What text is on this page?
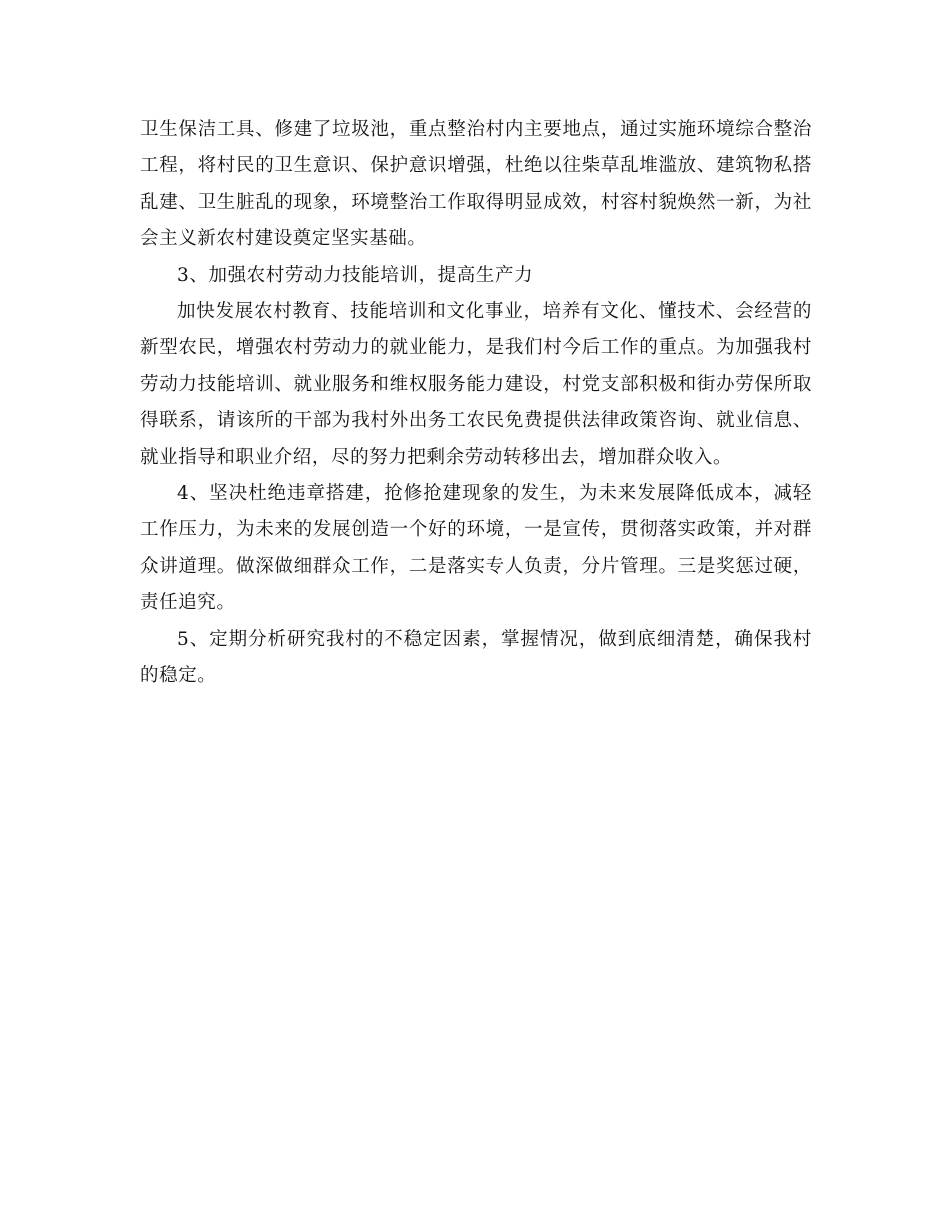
卫生保洁工具、修建了垃圾池，重点整治村内主要地点，通过实施环境综合整治工程，将村民的卫生意识、保护意识增强，杜绝以往柴草乱堆滥放、建筑物私搭乱建、卫生脏乱的现象，环境整治工作取得明显成效，村容村貌焕然一新，为社会主义新农村建设奠定坚实基础。

3、加强农村劳动力技能培训，提高生产力

加快发展农村教育、技能培训和文化事业，培养有文化、懂技术、会经营的新型农民，增强农村劳动力的就业能力，是我们村今后工作的重点。为加强我村劳动力技能培训、就业服务和维权服务能力建设，村党支部积极和街办劳保所取得联系，请该所的干部为我村外出务工农民免费提供法律政策咨询、就业信息、就业指导和职业介绍，尽的努力把剩余劳动转移出去，增加群众收入。

4、坚决杜绝违章搭建，抢修抢建现象的发生，为未来发展降低成本，减轻工作压力，为未来的发展创造一个好的环境，一是宣传，贯彻落实政策，并对群众讲道理。做深做细群众工作，二是落实专人负责，分片管理。三是奖惩过硬，责任追究。

5、定期分析研究我村的不稳定因素，掌握情况，做到底细清楚，确保我村的稳定。
